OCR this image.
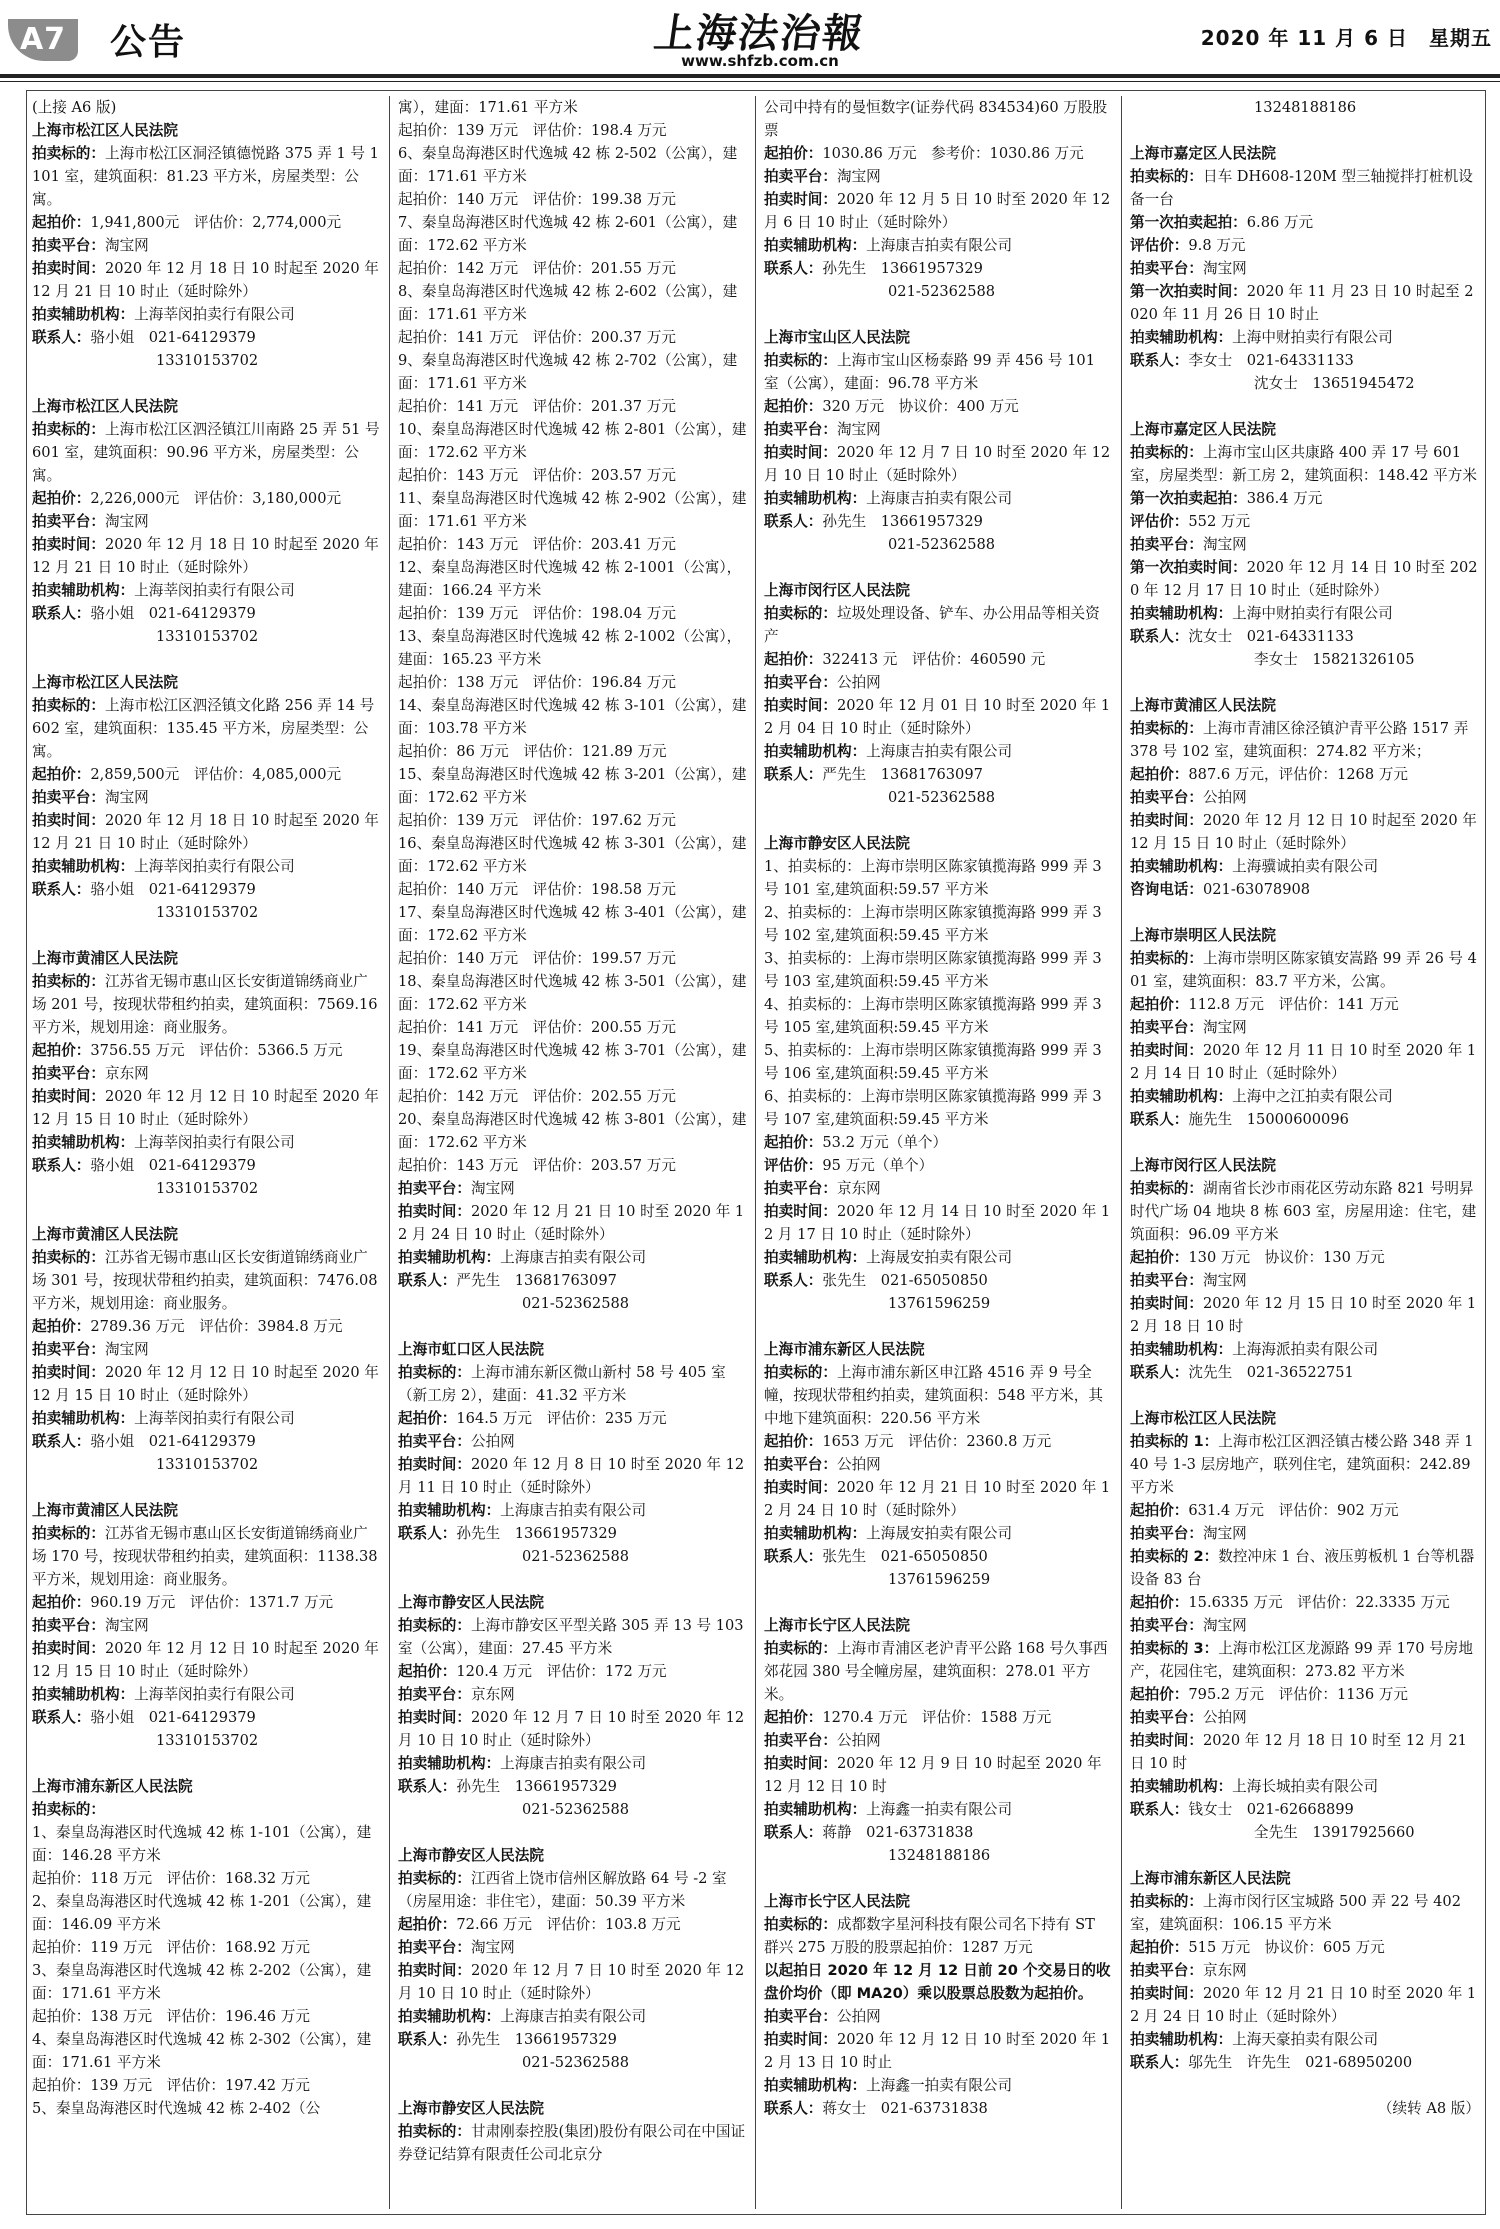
A7	公告	上海法治報
www.shfzb.com.cn
2020 年 11 月 6 日　星期五
(上接 A6 版)
上海市松江区人民法院
拍卖标的：上海市松江区洞泾镇德悦路 375 弄 1 号 1101 室，建筑面积：81.23 平方米，房屋类型：公寓。
起拍价：1,941,800元　评估价：2,774,000元
拍卖平台：淘宝网
拍卖时间：2020 年 12 月 18 日 10 时起至 2020 年 12 月 21 日 10 时止（延时除外）
拍卖辅助机构：上海莘闵拍卖行有限公司
联系人：骆小姐　021-64129379
13310153702
上海市松江区人民法院
拍卖标的：上海市松江区泗泾镇江川南路 25 弄 51 号 601 室，建筑面积：90.96 平方米，房屋类型：公寓。
起拍价：2,226,000元　评估价：3,180,000元
拍卖平台：淘宝网
拍卖时间：2020 年 12 月 18 日 10 时起至 2020 年 12 月 21 日 10 时止（延时除外）
拍卖辅助机构：上海莘闵拍卖行有限公司
联系人：骆小姐　021-64129379
13310153702
上海市松江区人民法院
拍卖标的：上海市松江区泗泾镇文化路 256 弄 14 号 602 室，建筑面积：135.45 平方米，房屋类型：公寓。
起拍价：2,859,500元　评估价：4,085,000元
拍卖平台：淘宝网
拍卖时间：2020 年 12 月 18 日 10 时起至 2020 年 12 月 21 日 10 时止（延时除外）
拍卖辅助机构：上海莘闵拍卖行有限公司
联系人：骆小姐　021-64129379
13310153702
上海市黄浦区人民法院
拍卖标的：江苏省无锡市惠山区长安街道锦绣商业广场 201 号，按现状带租约拍卖，建筑面积：7569.16 平方米，规划用途：商业服务。
起拍价：3756.55 万元　评估价：5366.5 万元
拍卖平台：京东网
拍卖时间：2020 年 12 月 12 日 10 时起至 2020 年 12 月 15 日 10 时止（延时除外）
拍卖辅助机构：上海莘闵拍卖行有限公司
联系人：骆小姐　021-64129379
13310153702
上海市黄浦区人民法院
拍卖标的：江苏省无锡市惠山区长安街道锦绣商业广场 301 号，按现状带租约拍卖，建筑面积：7476.08 平方米，规划用途：商业服务。
起拍价：2789.36 万元　评估价：3984.8 万元
拍卖平台：淘宝网
拍卖时间：2020 年 12 月 12 日 10 时起至 2020 年 12 月 15 日 10 时止（延时除外）
拍卖辅助机构：上海莘闵拍卖行有限公司
联系人：骆小姐　021-64129379
13310153702
上海市黄浦区人民法院
拍卖标的：江苏省无锡市惠山区长安街道锦绣商业广场 170 号，按现状带租约拍卖，建筑面积：1138.38 平方米，规划用途：商业服务。
起拍价：960.19 万元　评估价：1371.7 万元
拍卖平台：淘宝网
拍卖时间：2020 年 12 月 12 日 10 时起至 2020 年 12 月 15 日 10 时止（延时除外）
拍卖辅助机构：上海莘闵拍卖行有限公司
联系人：骆小姐　021-64129379
13310153702
上海市浦东新区人民法院
拍卖标的：
1、秦皇岛海港区时代逸城 42 栋 1-101（公寓），建面：146.28 平方米
起拍价：118 万元　评估价：168.32 万元
2、秦皇岛海港区时代逸城 42 栋 1-201（公寓），建面：146.09 平方米
起拍价：119 万元　评估价：168.92 万元
3、秦皇岛海港区时代逸城 42 栋 2-202（公寓），建面：171.61 平方米
起拍价：138 万元　评估价：196.46 万元
4、秦皇岛海港区时代逸城 42 栋 2-302（公寓），建面：171.61 平方米
起拍价：139 万元　评估价：197.42 万元
5、秦皇岛海港区时代逸城 42 栋 2-402（公
寓），建面：171.61 平方米
起拍价：139 万元　评估价：198.4 万元
6、秦皇岛海港区时代逸城 42 栋 2-502（公寓），建面：171.61 平方米
起拍价：140 万元　评估价：199.38 万元
7、秦皇岛海港区时代逸城 42 栋 2-601（公寓），建面：172.62 平方米
起拍价：142 万元　评估价：201.55 万元
8、秦皇岛海港区时代逸城 42 栋 2-602（公寓），建面：171.61 平方米
起拍价：141 万元　评估价：200.37 万元
9、秦皇岛海港区时代逸城 42 栋 2-702（公寓），建面：171.61 平方米
起拍价：141 万元　评估价：201.37 万元
10、秦皇岛海港区时代逸城 42 栋 2-801（公寓），建面：172.62 平方米
起拍价：143 万元　评估价：203.57 万元
11、秦皇岛海港区时代逸城 42 栋 2-902（公寓），建面：171.61 平方米
起拍价：143 万元　评估价：203.41 万元
12、秦皇岛海港区时代逸城 42 栋 2-1001（公寓），建面：166.24 平方米
起拍价：139 万元　评估价：198.04 万元
13、秦皇岛海港区时代逸城 42 栋 2-1002（公寓），建面：165.23 平方米
起拍价：138 万元　评估价：196.84 万元
14、秦皇岛海港区时代逸城 42 栋 3-101（公寓），建面：103.78 平方米
起拍价：86 万元　评估价：121.89 万元
15、秦皇岛海港区时代逸城 42 栋 3-201（公寓），建面：172.62 平方米
起拍价：139 万元　评估价：197.62 万元
16、秦皇岛海港区时代逸城 42 栋 3-301（公寓），建面：172.62 平方米
起拍价：140 万元　评估价：198.58 万元
17、秦皇岛海港区时代逸城 42 栋 3-401（公寓），建面：172.62 平方米
起拍价：140 万元　评估价：199.57 万元
18、秦皇岛海港区时代逸城 42 栋 3-501（公寓），建面：172.62 平方米
起拍价：141 万元　评估价：200.55 万元
19、秦皇岛海港区时代逸城 42 栋 3-701（公寓），建面：172.62 平方米
起拍价：142 万元　评估价：202.55 万元
20、秦皇岛海港区时代逸城 42 栋 3-801（公寓），建面：172.62 平方米
起拍价：143 万元　评估价：203.57 万元
拍卖平台：淘宝网
拍卖时间：2020 年 12 月 21 日 10 时至 2020 年 12 月 24 日 10 时止（延时除外）
拍卖辅助机构：上海康吉拍卖有限公司
联系人：严先生　13681763097
021-52362588
上海市虹口区人民法院
拍卖标的：上海市浦东新区微山新村 58 号 405 室（新工房 2），建面：41.32 平方米
起拍价：164.5 万元　评估价：235 万元
拍卖平台：公拍网
拍卖时间：2020 年 12 月 8 日 10 时至 2020 年 12 月 11 日 10 时止（延时除外）
拍卖辅助机构：上海康吉拍卖有限公司
联系人：孙先生　13661957329
021-52362588
上海市静安区人民法院
拍卖标的：上海市静安区平型关路 305 弄 13 号 103 室（公寓），建面：27.45 平方米
起拍价：120.4 万元　评估价：172 万元
拍卖平台：京东网
拍卖时间：2020 年 12 月 7 日 10 时至 2020 年 12 月 10 日 10 时止（延时除外）
拍卖辅助机构：上海康吉拍卖有限公司
联系人：孙先生　13661957329
021-52362588
上海市静安区人民法院
拍卖标的：江西省上饶市信州区解放路 64 号 -2 室（房屋用途：非住宅），建面：50.39 平方米
起拍价：72.66 万元　评估价：103.8 万元
拍卖平台：淘宝网
拍卖时间：2020 年 12 月 7 日 10 时至 2020 年 12 月 10 日 10 时止（延时除外）
拍卖辅助机构：上海康吉拍卖有限公司
联系人：孙先生　13661957329
021-52362588
上海市静安区人民法院
拍卖标的：甘肃刚泰控股(集团)股份有限公司在中国证券登记结算有限责任公司北京分
公司中持有的曼恒数字(证券代码 834534)60 万股股票
起拍价：1030.86 万元　参考价：1030.86 万元
拍卖平台：淘宝网
拍卖时间：2020 年 12 月 5 日 10 时至 2020 年 12 月 6 日 10 时止（延时除外）
拍卖辅助机构：上海康吉拍卖有限公司
联系人：孙先生　13661957329
021-52362588
上海市宝山区人民法院
拍卖标的：上海市宝山区杨泰路 99 弄 456 号 101 室（公寓），建面：96.78 平方米
起拍价：320 万元　协议价：400 万元
拍卖平台：淘宝网
拍卖时间：2020 年 12 月 7 日 10 时至 2020 年 12 月 10 日 10 时止（延时除外）
拍卖辅助机构：上海康吉拍卖有限公司
联系人：孙先生　13661957329
021-52362588
上海市闵行区人民法院
拍卖标的：垃圾处理设备、铲车、办公用品等相关资产
起拍价：322413 元　评估价：460590 元
拍卖平台：公拍网
拍卖时间：2020 年 12 月 01 日 10 时至 2020 年 12 月 04 日 10 时止（延时除外）
拍卖辅助机构：上海康吉拍卖有限公司
联系人：严先生　13681763097
021-52362588
上海市静安区人民法院
1、拍卖标的：上海市崇明区陈家镇揽海路 999 弄 3 号 101 室,建筑面积:59.57 平方米
2、拍卖标的：上海市崇明区陈家镇揽海路 999 弄 3 号 102 室,建筑面积:59.45 平方米
3、拍卖标的：上海市崇明区陈家镇揽海路 999 弄 3 号 103 室,建筑面积:59.45 平方米
4、拍卖标的：上海市崇明区陈家镇揽海路 999 弄 3 号 105 室,建筑面积:59.45 平方米
5、拍卖标的：上海市崇明区陈家镇揽海路 999 弄 3 号 106 室,建筑面积:59.45 平方米
6、拍卖标的：上海市崇明区陈家镇揽海路 999 弄 3 号 107 室,建筑面积:59.45 平方米
起拍价：53.2 万元（单个）
评估价：95 万元（单个）
拍卖平台：京东网
拍卖时间：2020 年 12 月 14 日 10 时至 2020 年 12 月 17 日 10 时止（延时除外）
拍卖辅助机构：上海晟安拍卖有限公司
联系人：张先生　021-65050850
13761596259
上海市浦东新区人民法院
拍卖标的：上海市浦东新区申江路 4516 弄 9 号全幢，按现状带租约拍卖，建筑面积：548 平方米，其中地下建筑面积：220.56 平方米
起拍价：1653 万元　评估价：2360.8 万元
拍卖平台：公拍网
拍卖时间：2020 年 12 月 21 日 10 时至 2020 年 12 月 24 日 10 时（延时除外）
拍卖辅助机构：上海晟安拍卖有限公司
联系人：张先生　021-65050850
13761596259
上海市长宁区人民法院
拍卖标的：上海市青浦区老沪青平公路 168 号久事西郊花园 380 号全幢房屋，建筑面积：278.01 平方米。
起拍价：1270.4 万元　评估价：1588 万元
拍卖平台：公拍网
拍卖时间：2020 年 12 月 9 日 10 时起至 2020 年 12 月 12 日 10 时
拍卖辅助机构：上海鑫一拍卖有限公司
联系人：蒋静　021-63731838
13248188186
上海市长宁区人民法院
拍卖标的：成都数字星河科技有限公司名下持有 ST 群兴 275 万股的股票起拍价：1287 万元
以起拍日 2020 年 12 月 12 日前 20 个交易日的收盘价均价（即 MA20）乘以股票总股数为起拍价。
拍卖平台：公拍网
拍卖时间：2020 年 12 月 12 日 10 时至 2020 年 12 月 13 日 10 时止
拍卖辅助机构：上海鑫一拍卖有限公司
联系人：蒋女士　021-63731838
13248188186
上海市嘉定区人民法院
拍卖标的：日车 DH608-120M 型三轴搅拌打桩机设备一台
第一次拍卖起拍：6.86 万元
评估价：9.8 万元
拍卖平台：淘宝网
第一次拍卖时间：2020 年 11 月 23 日 10 时起至 2020 年 11 月 26 日 10 时止
拍卖辅助机构：上海中财拍卖行有限公司
联系人：李女士　021-64331133
沈女士　13651945472
上海市嘉定区人民法院
拍卖标的：上海市宝山区共康路 400 弄 17 号 601 室，房屋类型：新工房 2，建筑面积：148.42 平方米
第一次拍卖起拍：386.4 万元
评估价：552 万元
拍卖平台：淘宝网
第一次拍卖时间：2020 年 12 月 14 日 10 时至 2020 年 12 月 17 日 10 时止（延时除外）
拍卖辅助机构：上海中财拍卖行有限公司
联系人：沈女士　021-64331133
李女士　15821326105
上海市黄浦区人民法院
拍卖标的：上海市青浦区徐泾镇沪青平公路 1517 弄 378 号 102 室，建筑面积：274.82 平方米；
起拍价：887.6 万元，评估价：1268 万元
拍卖平台：公拍网
拍卖时间：2020 年 12 月 12 日 10 时起至 2020 年 12 月 15 日 10 时止（延时除外）
拍卖辅助机构：上海骥诚拍卖有限公司
咨询电话：021-63078908
上海市崇明区人民法院
拍卖标的：上海市崇明区陈家镇安嵩路 99 弄 26 号 401 室，建筑面积：83.7 平方米，公寓。
起拍价：112.8 万元　评估价：141 万元
拍卖平台：淘宝网
拍卖时间：2020 年 12 月 11 日 10 时至 2020 年 12 月 14 日 10 时止（延时除外）
拍卖辅助机构：上海中之江拍卖有限公司
联系人：施先生　15000600096
上海市闵行区人民法院
拍卖标的：湖南省长沙市雨花区劳动东路 821 号明昇时代广场 04 地块 8 栋 603 室，房屋用途：住宅，建筑面积：96.09 平方米
起拍价：130 万元　协议价：130 万元
拍卖平台：淘宝网
拍卖时间：2020 年 12 月 15 日 10 时至 2020 年 12 月 18 日 10 时
拍卖辅助机构：上海海派拍卖有限公司
联系人：沈先生　021-36522751
上海市松江区人民法院
拍卖标的 1：上海市松江区泗泾镇古楼公路 348 弄 140 号 1-3 层房地产，联列住宅，建筑面积：242.89 平方米
起拍价：631.4 万元　评估价：902 万元
拍卖平台：淘宝网
拍卖标的 2：数控冲床 1 台、液压剪板机 1 台等机器设备 83 台
起拍价：15.6335 万元　评估价：22.3335 万元
拍卖平台：淘宝网
拍卖标的 3：上海市松江区龙源路 99 弄 170 号房地产，花园住宅，建筑面积：273.82 平方米
起拍价：795.2 万元　评估价：1136 万元
拍卖平台：公拍网
拍卖时间：2020 年 12 月 18 日 10 时至 12 月 21 日 10 时
拍卖辅助机构：上海长城拍卖有限公司
联系人：钱女士　021-62668899
全先生　13917925660
上海市浦东新区人民法院
拍卖标的：上海市闵行区宝城路 500 弄 22 号 402 室，建筑面积：106.15 平方米
起拍价：515 万元　协议价：605 万元
拍卖平台：京东网
拍卖时间：2020 年 12 月 21 日 10 时至 2020 年 12 月 24 日 10 时止（延时除外）
拍卖辅助机构：上海天豪拍卖有限公司
联系人：邬先生　许先生　021-68950200
（续转 A8 版）
